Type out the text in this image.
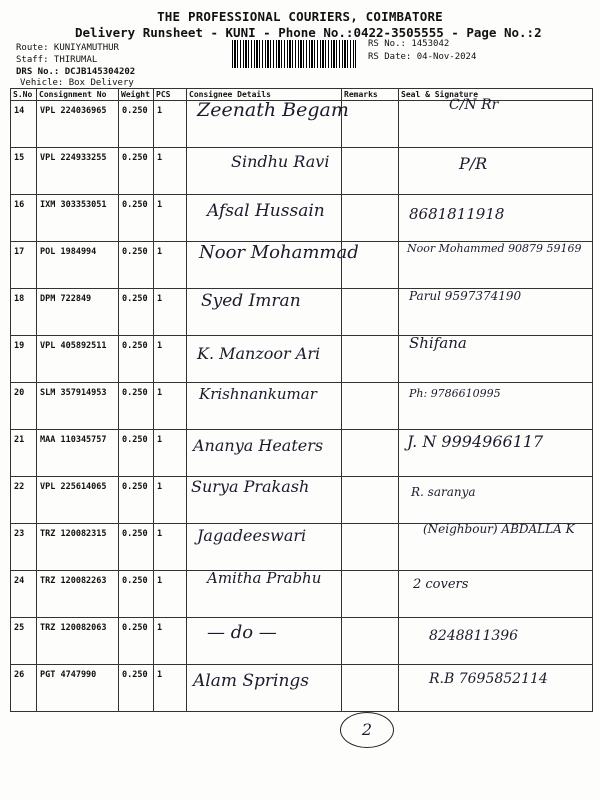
THE PROFESSIONAL COURIERS, COIMBATORE
Delivery Runsheet - KUNI - Phone No.:0422-3505555 - Page No.:2
Route: KUNIYAMUTHUR
Staff: THIRUMAL
DRS No.: DCJB145304202
Vehicle: Box Delivery
RS No.: 1453042
RS Date: 04-Nov-2024
S.No	Consignment No	Weight	PCS	Consignee Details	Remarks	Seal & Signature
14	VPL 224036965	0.250	1	Zeenath Begam		C/N Rr

15	VPL 224933255	0.250	1	Sindhu Ravi		P/R

16	IXM 303353051	0.250	1	Afsal Hussain		8681811918

17	POL 1984994	0.250	1	Noor Mohammad		Noor Mohammed 90879 59169

18	DPM 722849	0.250	1	Syed Imran		Parul 9597374190

19	VPL 405892511	0.250	1	K. Manzoor Ari		Shifana

20	SLM 357914953	0.250	1	Krishnankumar		Ph: 9786610995

21	MAA 110345757	0.250	1	Ananya Heaters		J. N 9994966117

22	VPL 225614065	0.250	1	Surya Prakash		R. saranya

23	TRZ 120082315	0.250	1	Jagadeeswari		(Neighbour) ABDALLA K

24	TRZ 120082263	0.250	1	Amitha Prabhu		2 covers

25	TRZ 120082063	0.250	1	— do —		8248811396

26	PGT 4747990	0.250	1	Alam Springs		R.B 7695852114
2
